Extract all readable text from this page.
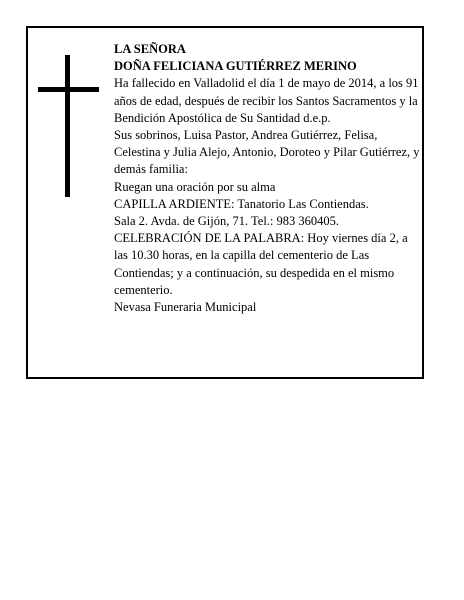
LA SEÑORA

DOÑA FELICIANA GUTIÉRREZ MERINO

Ha fallecido en Valladolid el día 1 de mayo de 2014, a los 91 años de edad, después de recibir los Santos Sacramentos y la Bendición Apostólica de Su Santidad d.e.p.

Sus sobrinos, Luisa Pastor, Andrea Gutiérrez, Felisa, Celestina y Julia Alejo, Antonio, Doroteo y Pilar Gutiérrez, y demás familia:

Ruegan una oración por su alma

CAPILLA ARDIENTE: Tanatorio Las Contiendas.

Sala 2. Avda. de Gijón, 71. Tel.: 983 360405.

CELEBRACIÓN DE LA PALABRA: Hoy viernes día 2, a las 10.30 horas, en la capilla del cementerio de Las Contiendas; y a continuación, su despedida en el mismo cementerio.

Nevasa Funeraria Municipal
